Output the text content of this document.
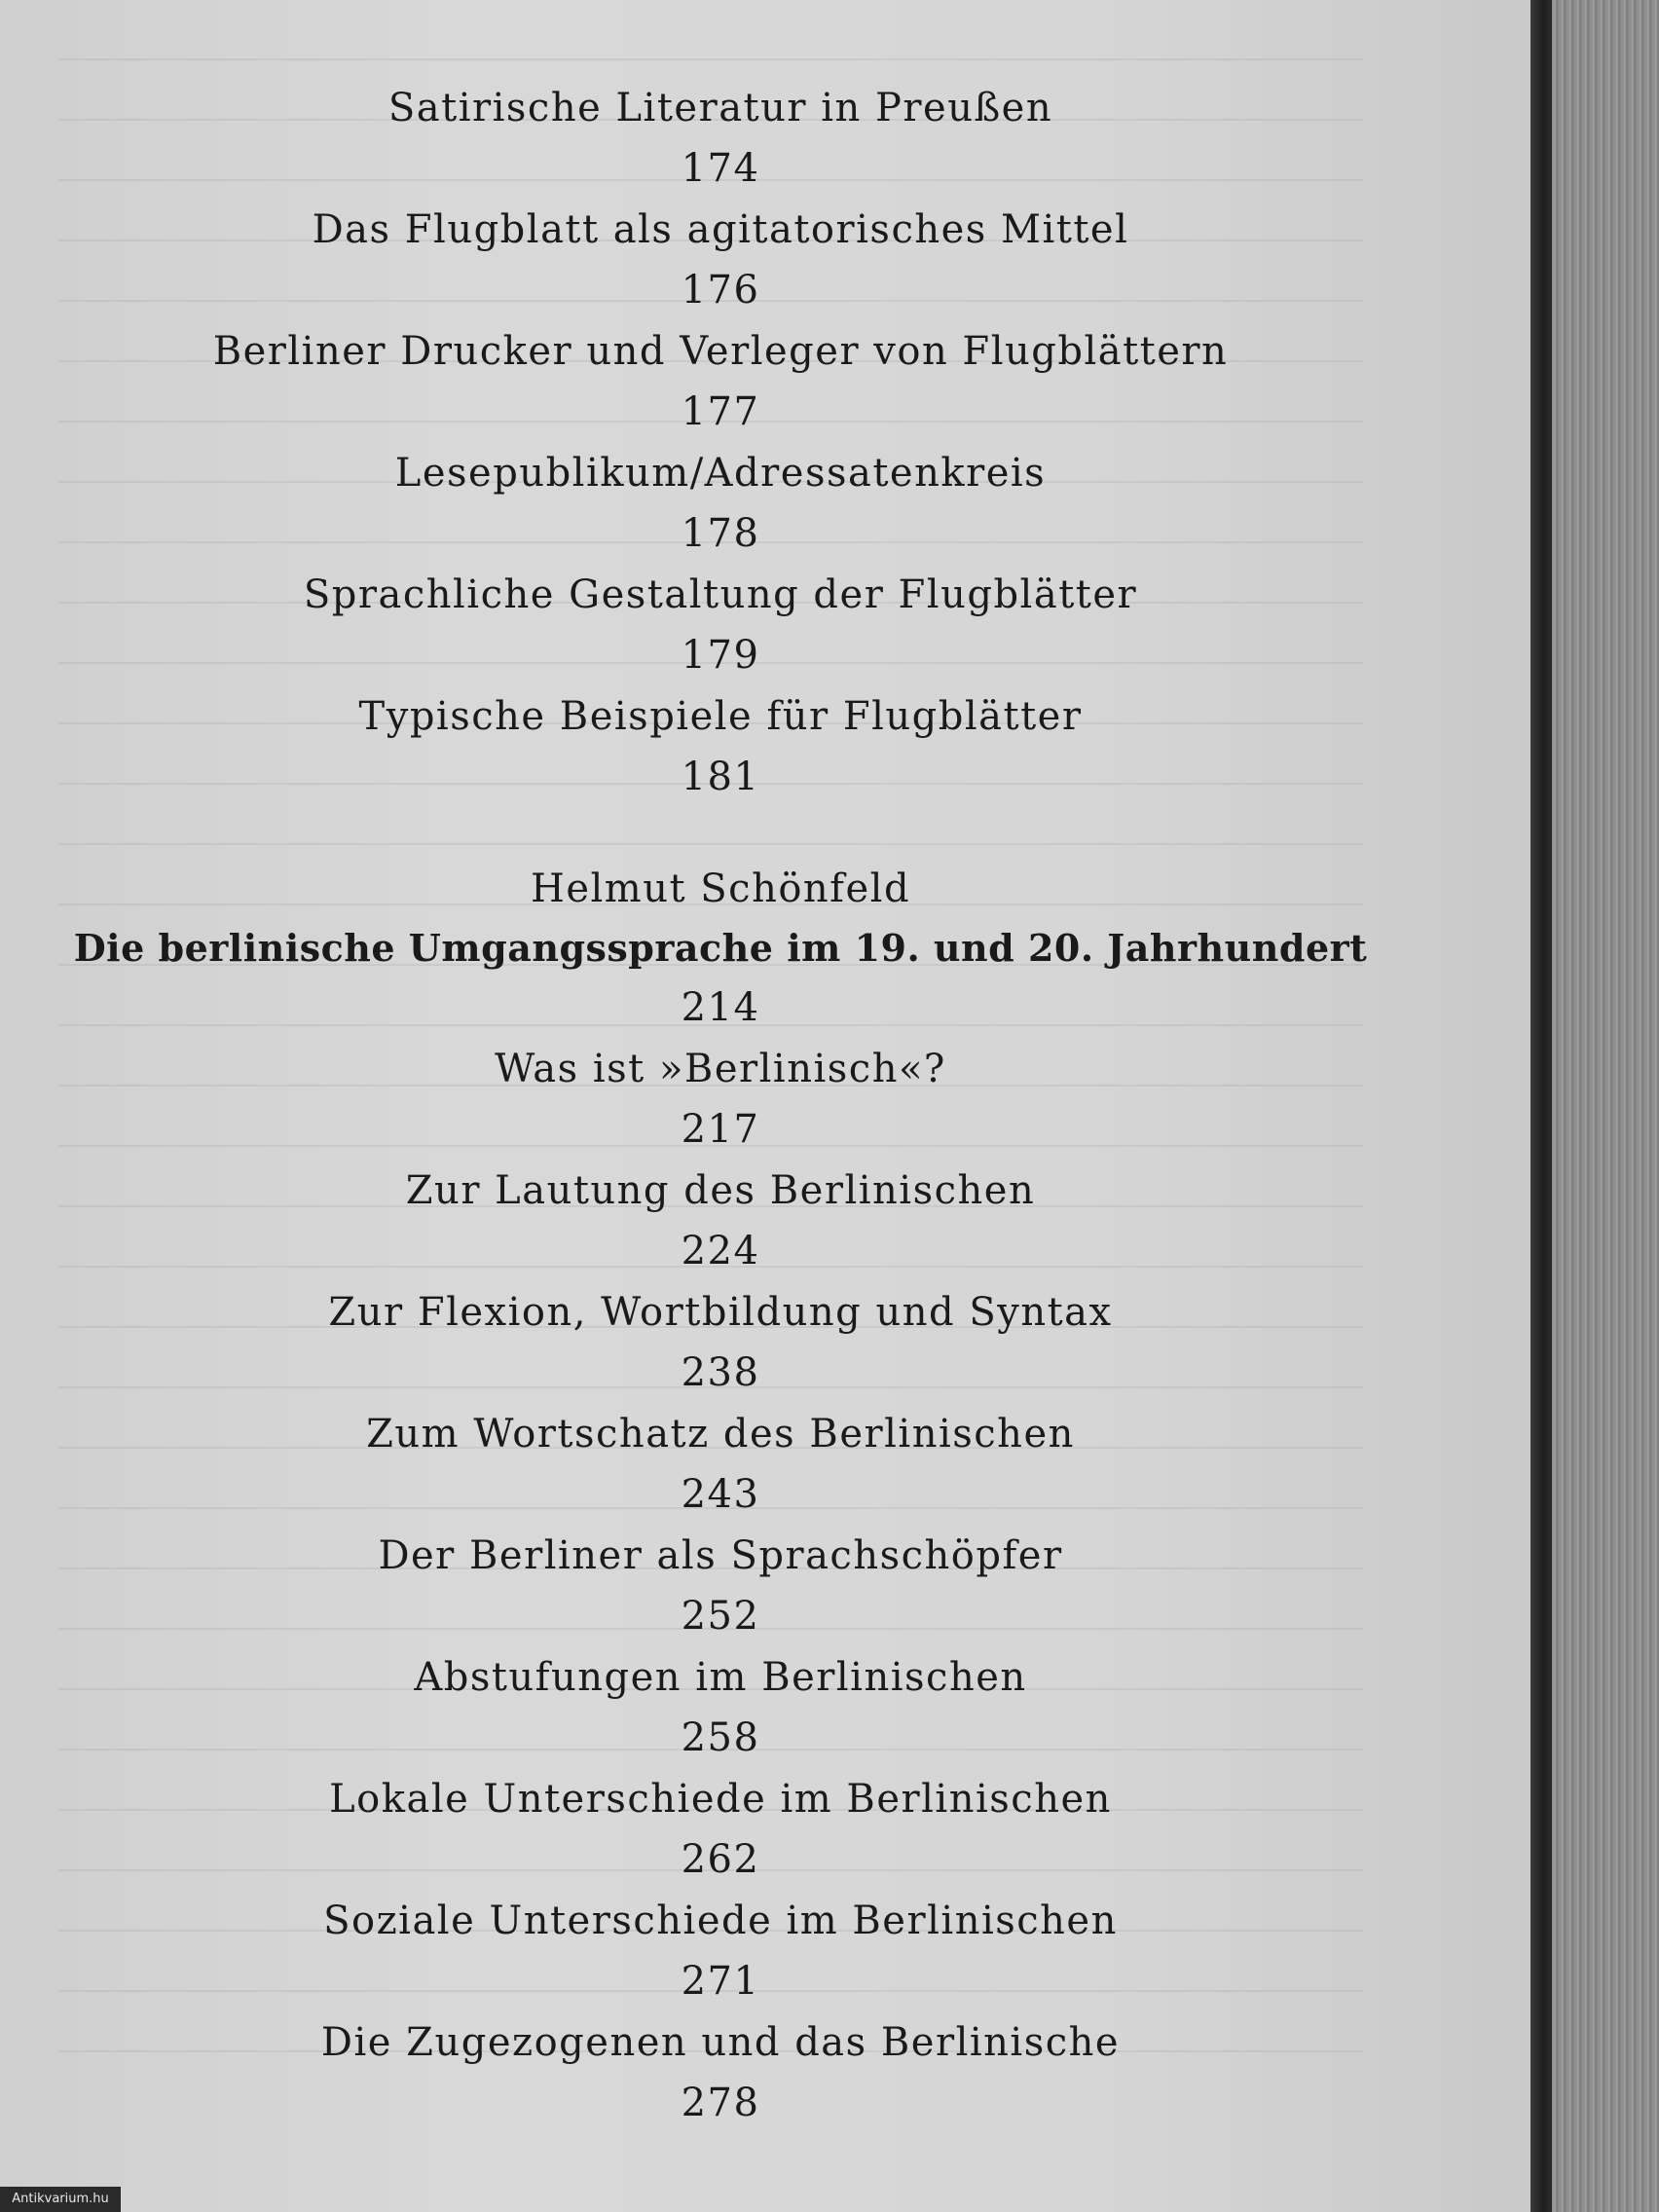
Satirische Literatur in Preußen
174
Das Flugblatt als agitatorisches Mittel
176
Berliner Drucker und Verleger von Flugblättern
177
Lesepublikum/Adressatenkreis
178
Sprachliche Gestaltung der Flugblätter
179
Typische Beispiele für Flugblätter
181
Helmut Schönfeld
Die berlinische Umgangssprache im 19. und 20. Jahrhundert
214
Was ist »Berlinisch«?
217
Zur Lautung des Berlinischen
224
Zur Flexion, Wortbildung und Syntax
238
Zum Wortschatz des Berlinischen
243
Der Berliner als Sprachschöpfer
252
Abstufungen im Berlinischen
258
Lokale Unterschiede im Berlinischen
262
Soziale Unterschiede im Berlinischen
271
Die Zugezogenen und das Berlinische
278
Antikvarium.hu
